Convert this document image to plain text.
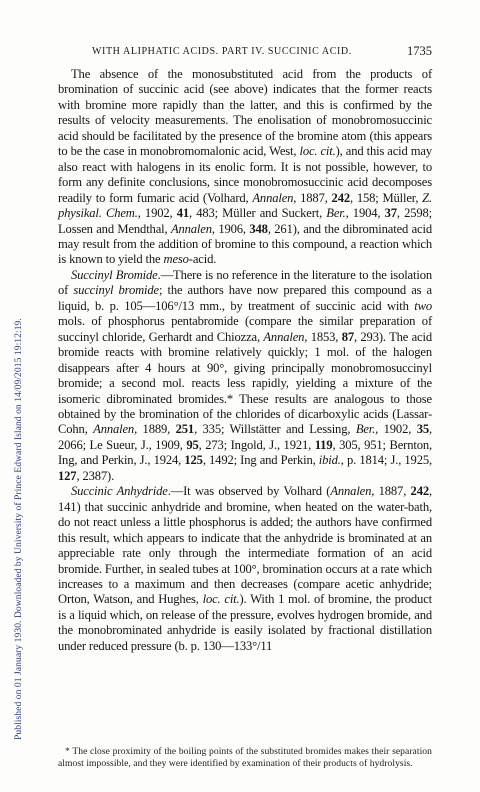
Published on 01 January 1930. Downloaded by University of Prince Edward Island on 14/09/2015 19:12:19.
WITH ALIPHATIC ACIDS. PART IV. SUCCINIC ACID.	1735

The absence of the monosubstituted acid from the products of bromination of succinic acid (see above) indicates that the former reacts with bromine more rapidly than the latter, and this is confirmed by the results of velocity measurements. The enolisation of monobromosuccinic acid should be facilitated by the presence of the bromine atom (this appears to be the case in monobromomalonic acid, West, loc. cit.), and this acid may also react with halogens in its enolic form. It is not possible, however, to form any definite conclusions, since monobromosuccinic acid decomposes readily to form fumaric acid (Volhard, Annalen, 1887, 242, 158; Müller, Z. physikal. Chem., 1902, 41, 483; Müller and Suckert, Ber., 1904, 37, 2598; Lossen and Mendthal, Annalen, 1906, 348, 261), and the dibrominated acid may result from the addition of bromine to this compound, a reaction which is known to yield the meso-acid.

Succinyl Bromide.—There is no reference in the literature to the isolation of succinyl bromide; the authors have now prepared this compound as a liquid, b. p. 105—106°/13 mm., by treatment of succinic acid with two mols. of phosphorus pentabromide (compare the similar preparation of succinyl chloride, Gerhardt and Chiozza, Annalen, 1853, 87, 293). The acid bromide reacts with bromine relatively quickly; 1 mol. of the halogen disappears after 4 hours at 90°, giving principally monobromosuccinyl bromide; a second mol. reacts less rapidly, yielding a mixture of the isomeric dibrominated bromides.* These results are analogous to those obtained by the bromination of the chlorides of dicarboxylic acids (Lassar-Cohn, Annalen, 1889, 251, 335; Willstätter and Lessing, Ber., 1902, 35, 2066; Le Sueur, J., 1909, 95, 273; Ingold, J., 1921, 119, 305, 951; Bernton, Ing, and Perkin, J., 1924, 125, 1492; Ing and Perkin, ibid., p. 1814; J., 1925, 127, 2387).

Succinic Anhydride.—It was observed by Volhard (Annalen, 1887, 242, 141) that succinic anhydride and bromine, when heated on the water-bath, do not react unless a little phosphorus is added; the authors have confirmed this result, which appears to indicate that the anhydride is brominated at an appreciable rate only through the intermediate formation of an acid bromide. Further, in sealed tubes at 100°, bromination occurs at a rate which increases to a maximum and then decreases (compare acetic anhydride; Orton, Watson, and Hughes, loc. cit.). With 1 mol. of bromine, the product is a liquid which, on release of the pressure, evolves hydrogen bromide, and the monobrominated anhydride is easily isolated by fractional distillation under reduced pressure (b. p. 130—133°/11

* The close proximity of the boiling points of the substituted bromides makes their separation almost impossible, and they were identified by examination of their products of hydrolysis.
